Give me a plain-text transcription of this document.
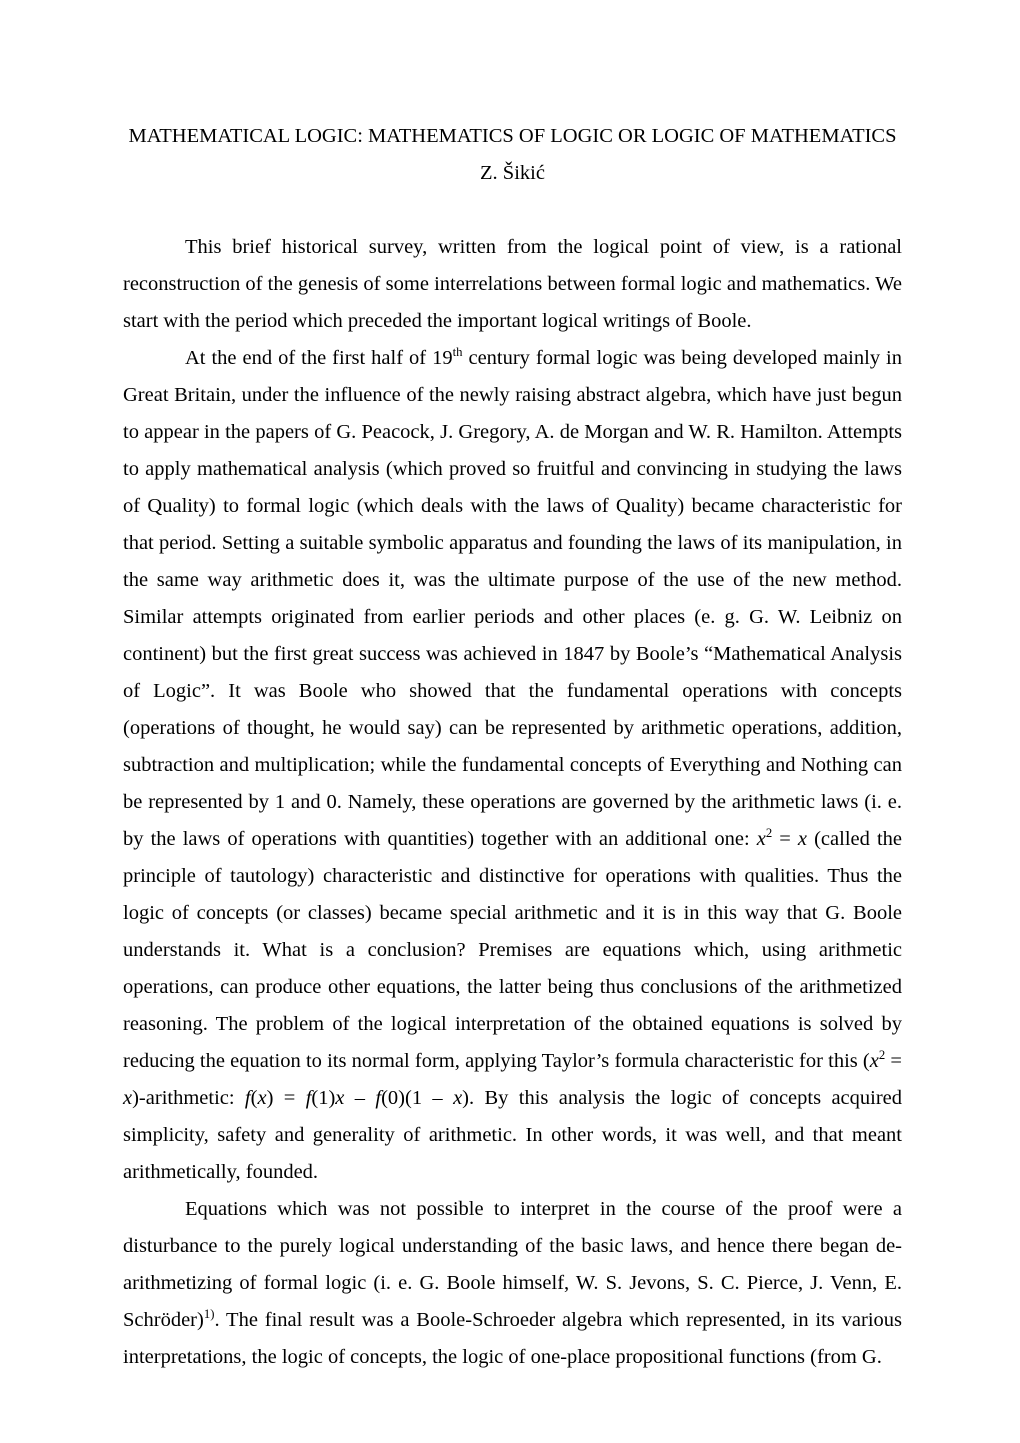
MATHEMATICAL LOGIC: MATHEMATICS OF LOGIC OR LOGIC OF MATHEMATICS
Z. Šikić

This brief historical survey, written from the logical point of view, is a rational reconstruction of the genesis of some interrelations between formal logic and mathematics. We start with the period which preceded the important logical writings of Boole.

At the end of the first half of 19th century formal logic was being developed mainly in Great Britain, under the influence of the newly raising abstract algebra, which have just begun to appear in the papers of G. Peacock, J. Gregory, A. de Morgan and W. R. Hamilton. Attempts to apply mathematical analysis (which proved so fruitful and convincing in studying the laws of Quality) to formal logic (which deals with the laws of Quality) became characteristic for that period. Setting a suitable symbolic apparatus and founding the laws of its manipulation, in the same way arithmetic does it, was the ultimate purpose of the use of the new method. Similar attempts originated from earlier periods and other places (e. g. G. W. Leibniz on continent) but the first great success was achieved in 1847 by Boole’s “Mathematical Analysis of Logic”. It was Boole who showed that the fundamental operations with concepts (operations of thought, he would say) can be represented by arithmetic operations, addition, subtraction and multiplication; while the fundamental concepts of Everything and Nothing can be represented by 1 and 0. Namely, these operations are governed by the arithmetic laws (i. e. by the laws of operations with quantities) together with an additional one: $x^2 = x$ (called the principle of tautology) characteristic and distinctive for operations with qualities. Thus the logic of concepts (or classes) became special arithmetic and it is in this way that G. Boole understands it. What is a conclusion? Premises are equations which, using arithmetic operations, can produce other equations, the latter being thus conclusions of the arithmetized reasoning. The problem of the logical interpretation of the obtained equations is solved by reducing the equation to its normal form, applying Taylor’s formula characteristic for this ($x^2$ = x)-arithmetic: f(x) = f(1)x – f(0)(1 – x). By this analysis the logic of concepts acquired simplicity, safety and generality of arithmetic. In other words, it was well, and that meant arithmetically, founded.

Equations which was not possible to interpret in the course of the proof were a disturbance to the purely logical understanding of the basic laws, and hence there began de-arithmetizing of formal logic (i. e. G. Boole himself, W. S. Jevons, S. C. Pierce, J. Venn, E. Schröder)$^{1)}$. The final result was a Boole-Schroeder algebra which represented, in its various interpretations, the logic of concepts, the logic of one-place propositional functions (from G.
